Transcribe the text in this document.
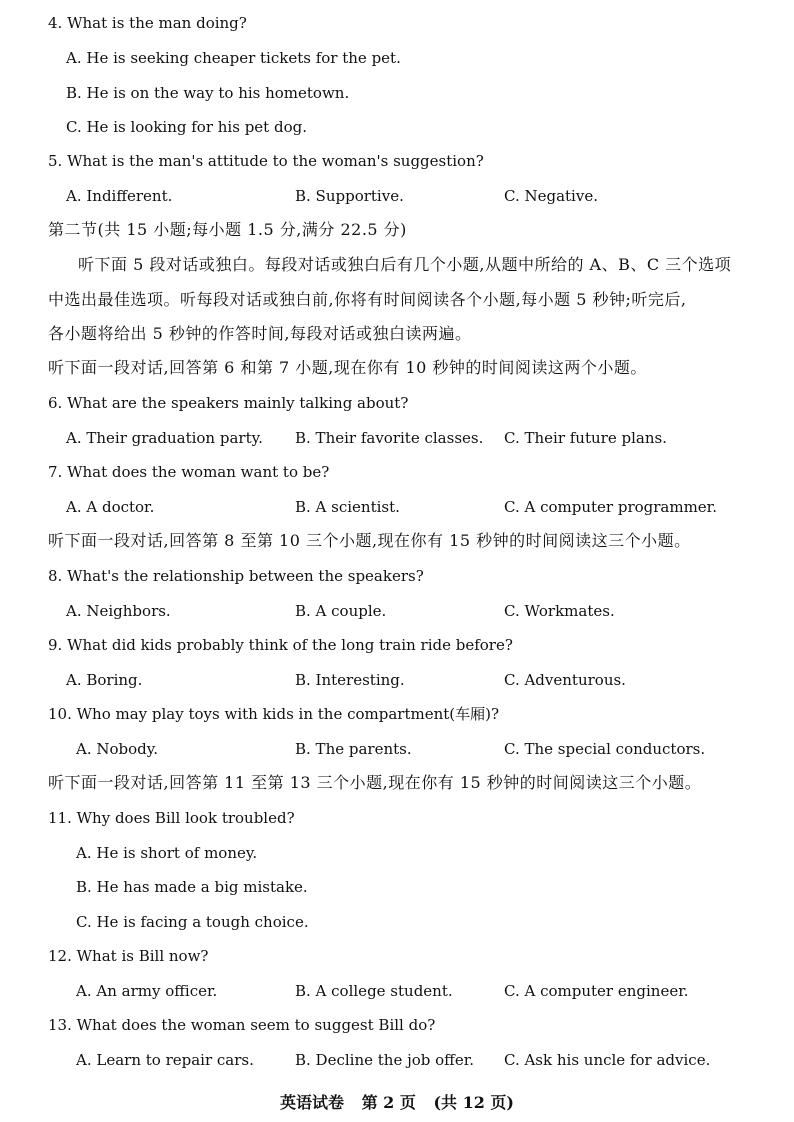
4. What is the man doing?
A. He is seeking cheaper tickets for the pet.
B. He is on the way to his hometown.
C. He is looking for his pet dog.
5. What is the man's attitude to the woman's suggestion?
A. Indifferent.	B. Supportive.	C. Negative.
第二节(共 15 小题;每小题 1.5 分,满分 22.5 分)
听下面 5 段对话或独白。每段对话或独白后有几个小题,从题中所给的 A、B、C 三个选项
中选出最佳选项。听每段对话或独白前,你将有时间阅读各个小题,每小题 5 秒钟;听完后,
各小题将给出 5 秒钟的作答时间,每段对话或独白读两遍。
听下面一段对话,回答第 6 和第 7 小题,现在你有 10 秒钟的时间阅读这两个小题。
6. What are the speakers mainly talking about?
A. Their graduation party. B. Their favorite classes. C. Their future plans.
7. What does the woman want to be?
A. A doctor.	B. A scientist.	C. A computer programmer.
听下面一段对话,回答第 8 至第 10 三个小题,现在你有 15 秒钟的时间阅读这三个小题。
8. What's the relationship between the speakers?
A. Neighbors.	B. A couple.	C. Workmates.
9. What did kids probably think of the long train ride before?
A. Boring.	B. Interesting.	C. Adventurous.
10. Who may play toys with kids in the compartment(车厢)?
A. Nobody.	B. The parents.	C. The special conductors.
听下面一段对话,回答第 11 至第 13 三个小题,现在你有 15 秒钟的时间阅读这三个小题。
11. Why does Bill look troubled?
A. He is short of money.
B. He has made a big mistake.
C. He is facing a tough choice.
12. What is Bill now?
A. An army officer.	B. A college student.	C. A computer engineer.
13. What does the woman seem to suggest Bill do?
A. Learn to repair cars.	B. Decline the job offer. C. Ask his uncle for advice.
英语试卷 第 2 页 (共 12 页)
